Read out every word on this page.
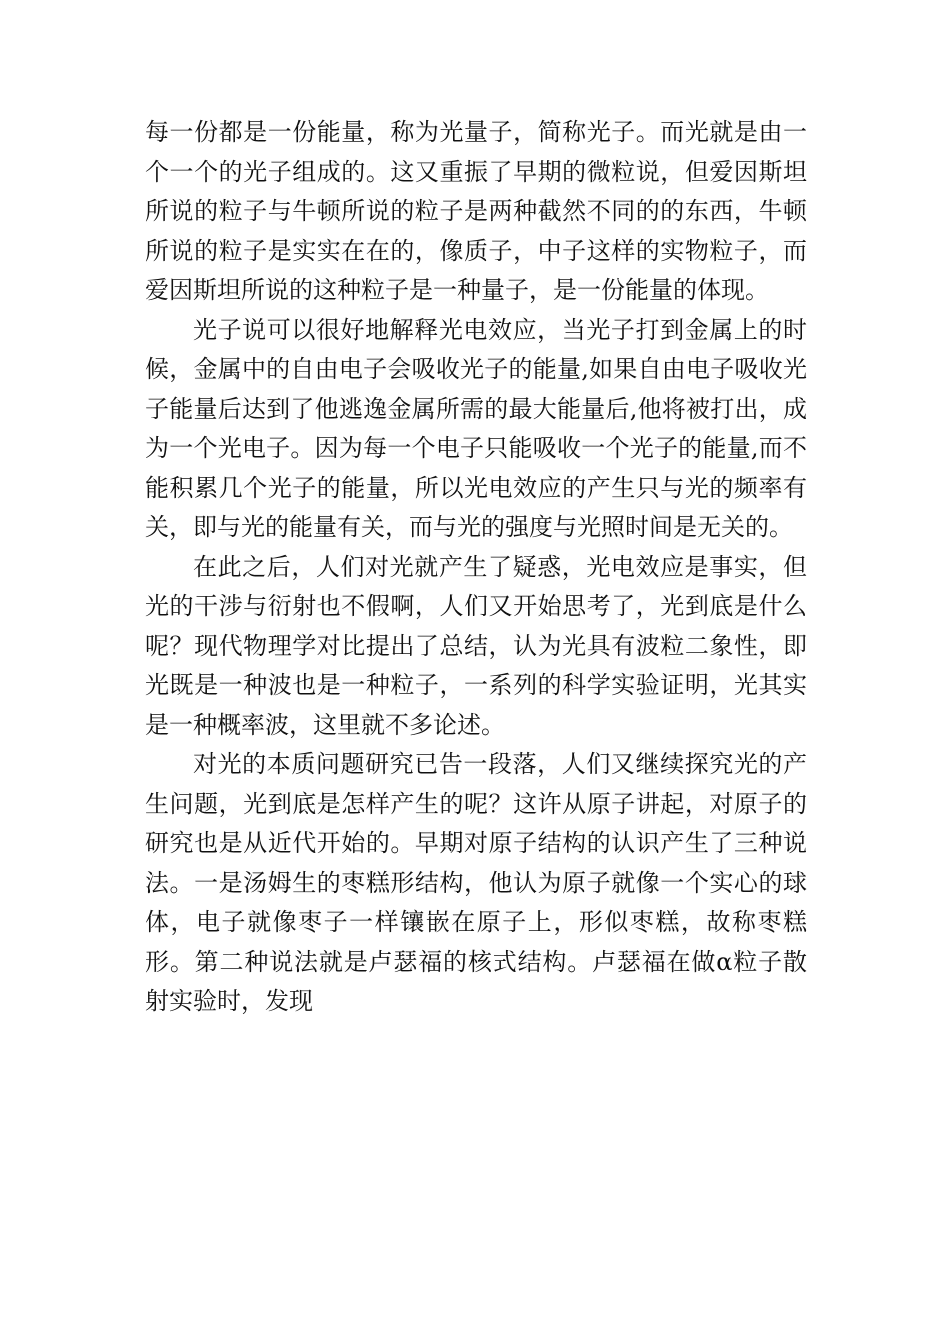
每一份都是一份能量，称为光量子，简称光子。而光就是由一个一个的光子组成的。这又重振了早期的微粒说，但爱因斯坦所说的粒子与牛顿所说的粒子是两种截然不同的的东西，牛顿所说的粒子是实实在在的，像质子，中子这样的实物粒子，而爱因斯坦所说的这种粒子是一种量子，是一份能量的体现。

光子说可以很好地解释光电效应，当光子打到金属上的时候，金属中的自由电子会吸收光子的能量,如果自由电子吸收光子能量后达到了他逃逸金属所需的最大能量后,他将被打出，成为一个光电子。因为每一个电子只能吸收一个光子的能量,而不能积累几个光子的能量，所以光电效应的产生只与光的频率有关，即与光的能量有关，而与光的强度与光照时间是无关的。

在此之后，人们对光就产生了疑惑，光电效应是事实，但光的干涉与衍射也不假啊，人们又开始思考了，光到底是什么呢？现代物理学对比提出了总结，认为光具有波粒二象性，即光既是一种波也是一种粒子，一系列的科学实验证明，光其实是一种概率波，这里就不多论述。

对光的本质问题研究已告一段落，人们又继续探究光的产生问题，光到底是怎样产生的呢？这许从原子讲起，对原子的研究也是从近代开始的。早期对原子结构的认识产生了三种说法。一是汤姆生的枣糕形结构，他认为原子就像一个实心的球体，电子就像枣子一样镶嵌在原子上，形似枣糕，故称枣糕形。第二种说法就是卢瑟福的核式结构。卢瑟福在做α粒子散射实验时，发现
